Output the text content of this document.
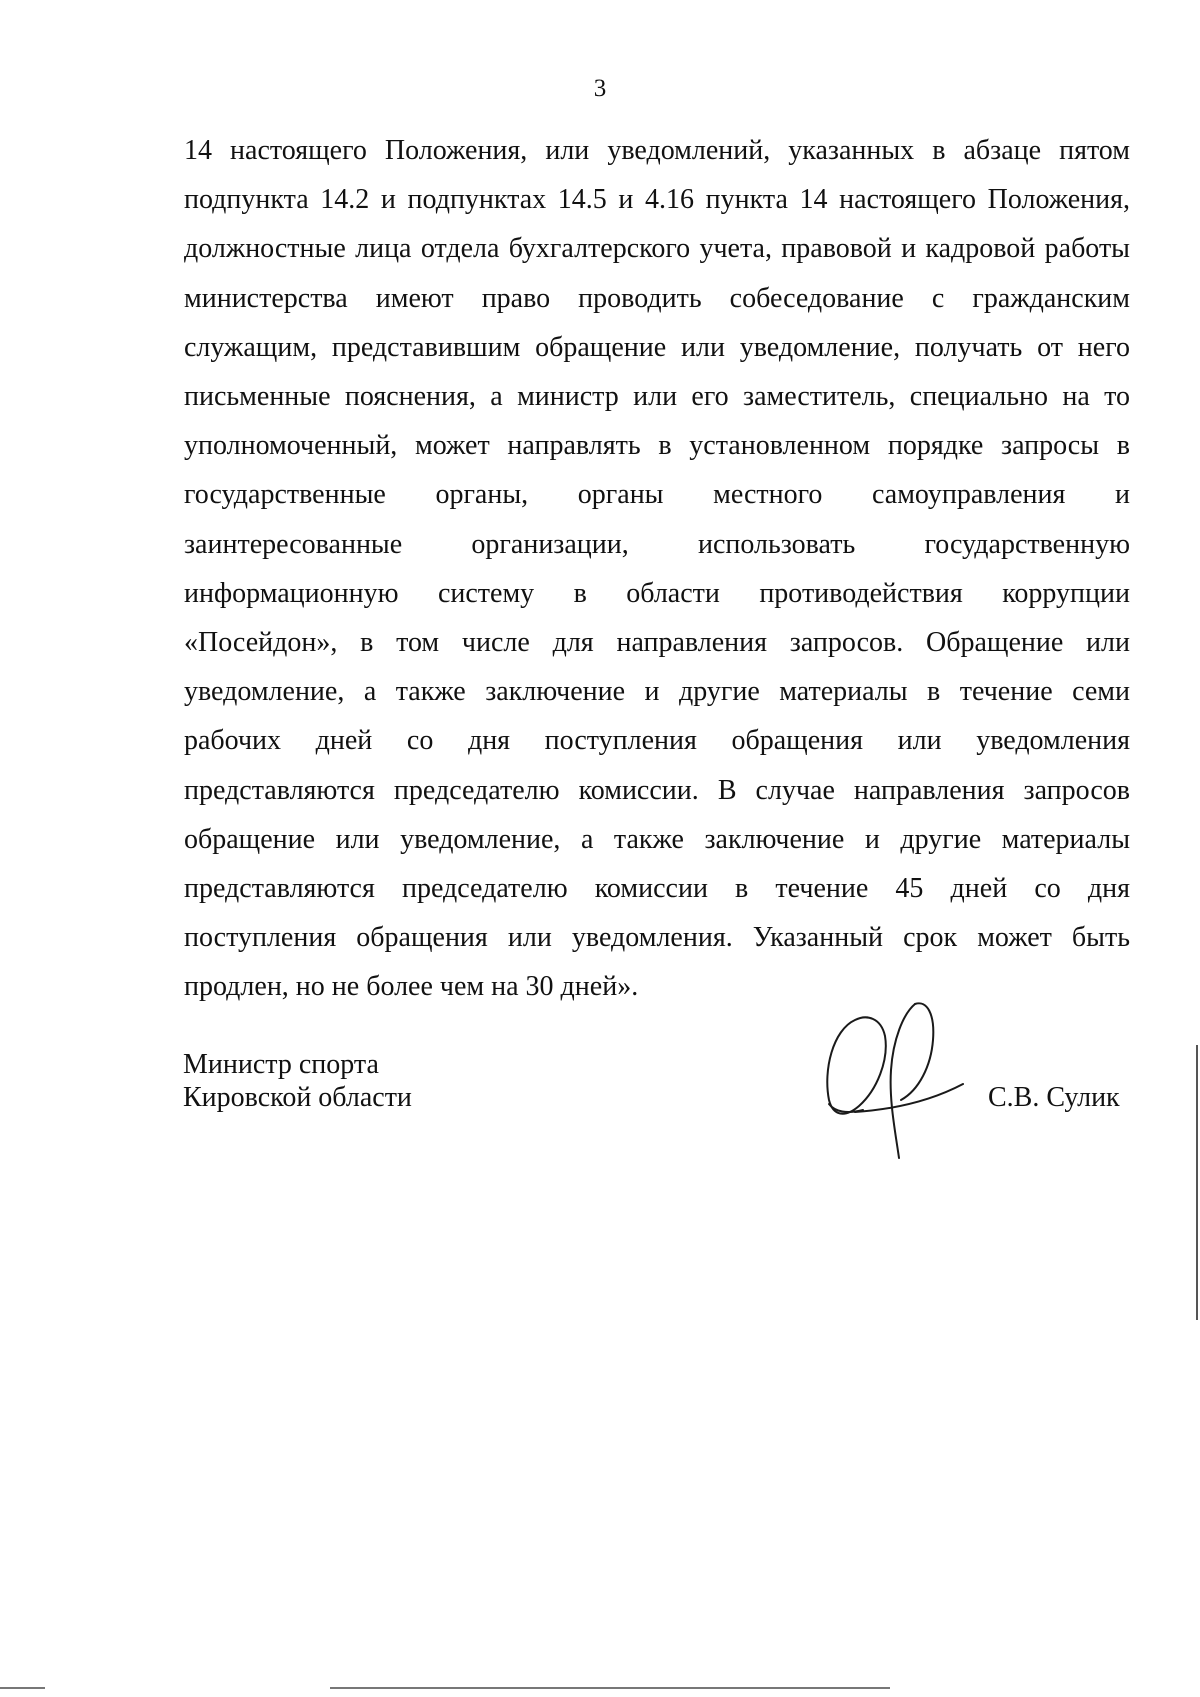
3
14 настоящего Положения, или уведомлений, указанных в абзаце пятом
подпункта 14.2 и подпунктах 14.5 и 4.16 пункта 14 настоящего Положения,
должностные лица отдела бухгалтерского учета, правовой и кадровой работы
министерства имеют право проводить собеседование с гражданским
служащим, представившим обращение или уведомление, получать от него
письменные пояснения, а министр или его заместитель, специально на то
уполномоченный, может направлять в установленном порядке запросы в
государственные органы, органы местного самоуправления и
заинтересованные организации, использовать государственную
информационную систему в области противодействия коррупции
«Посейдон», в том числе для направления запросов. Обращение или
уведомление, а также заключение и другие материалы в течение семи
рабочих дней со дня поступления обращения или уведомления
представляются председателю комиссии. В случае направления запросов
обращение или уведомление, а также заключение и другие материалы
представляются председателю комиссии в течение 45 дней со дня
поступления обращения или уведомления. Указанный срок может быть
продлен, но не более чем на 30 дней».
Министр спорта
Кировской области	С.В. Сулик
